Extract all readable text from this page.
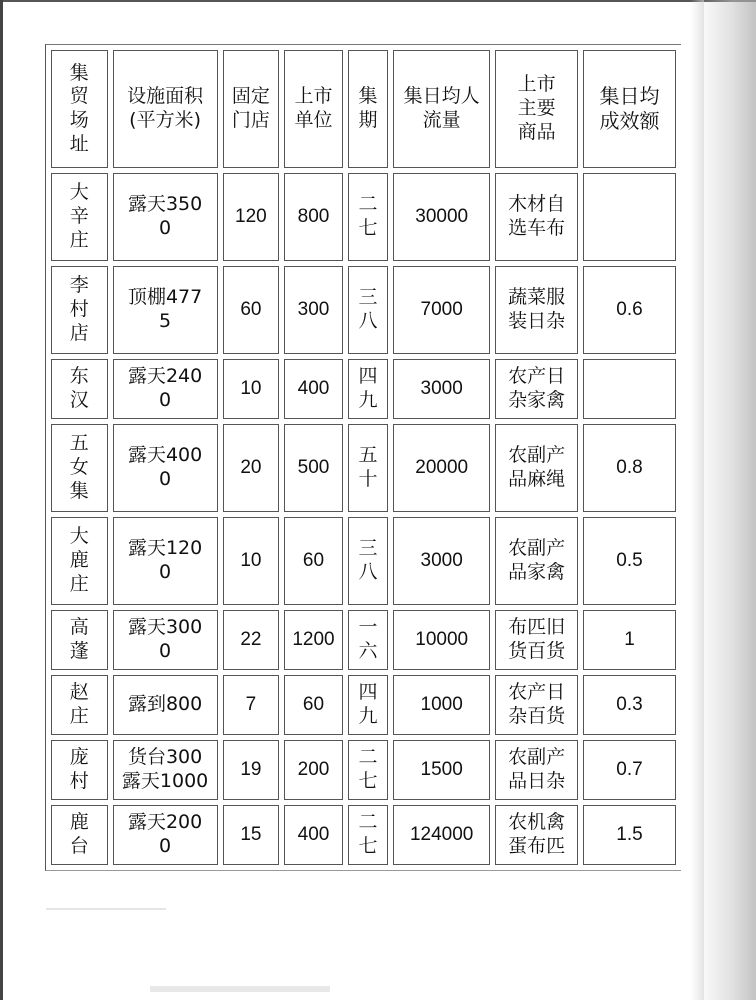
集贸场址	设施面积(平方米)	固定门店	上市单位	集期	集日均人流量	上市主要商品	集日均成效额
大辛庄	露天3500	120	800	二七	30000	木材自选车布	
李村店	顶棚4775	60	300	三八	7000	蔬菜服装日杂	0.6
东汉	露天2400	10	400	四九	3000	农产日杂家禽	
五女集	露天4000	20	500	五十	20000	农副产品麻绳	0.8
大鹿庄	露天1200	10	60	三八	3000	农副产品家禽	0.5
高蓬	露天3000	22	1200	一六	10000	布匹旧货百货	1
赵庄	露到800	7	60	四九	1000	农产日杂百货	0.3
庞村	货台300 露天1000	19	200	二七	1500	农副产品日杂	0.7
鹿台	露天2000	15	400	二七	124000	农机禽蛋布匹	1.5
